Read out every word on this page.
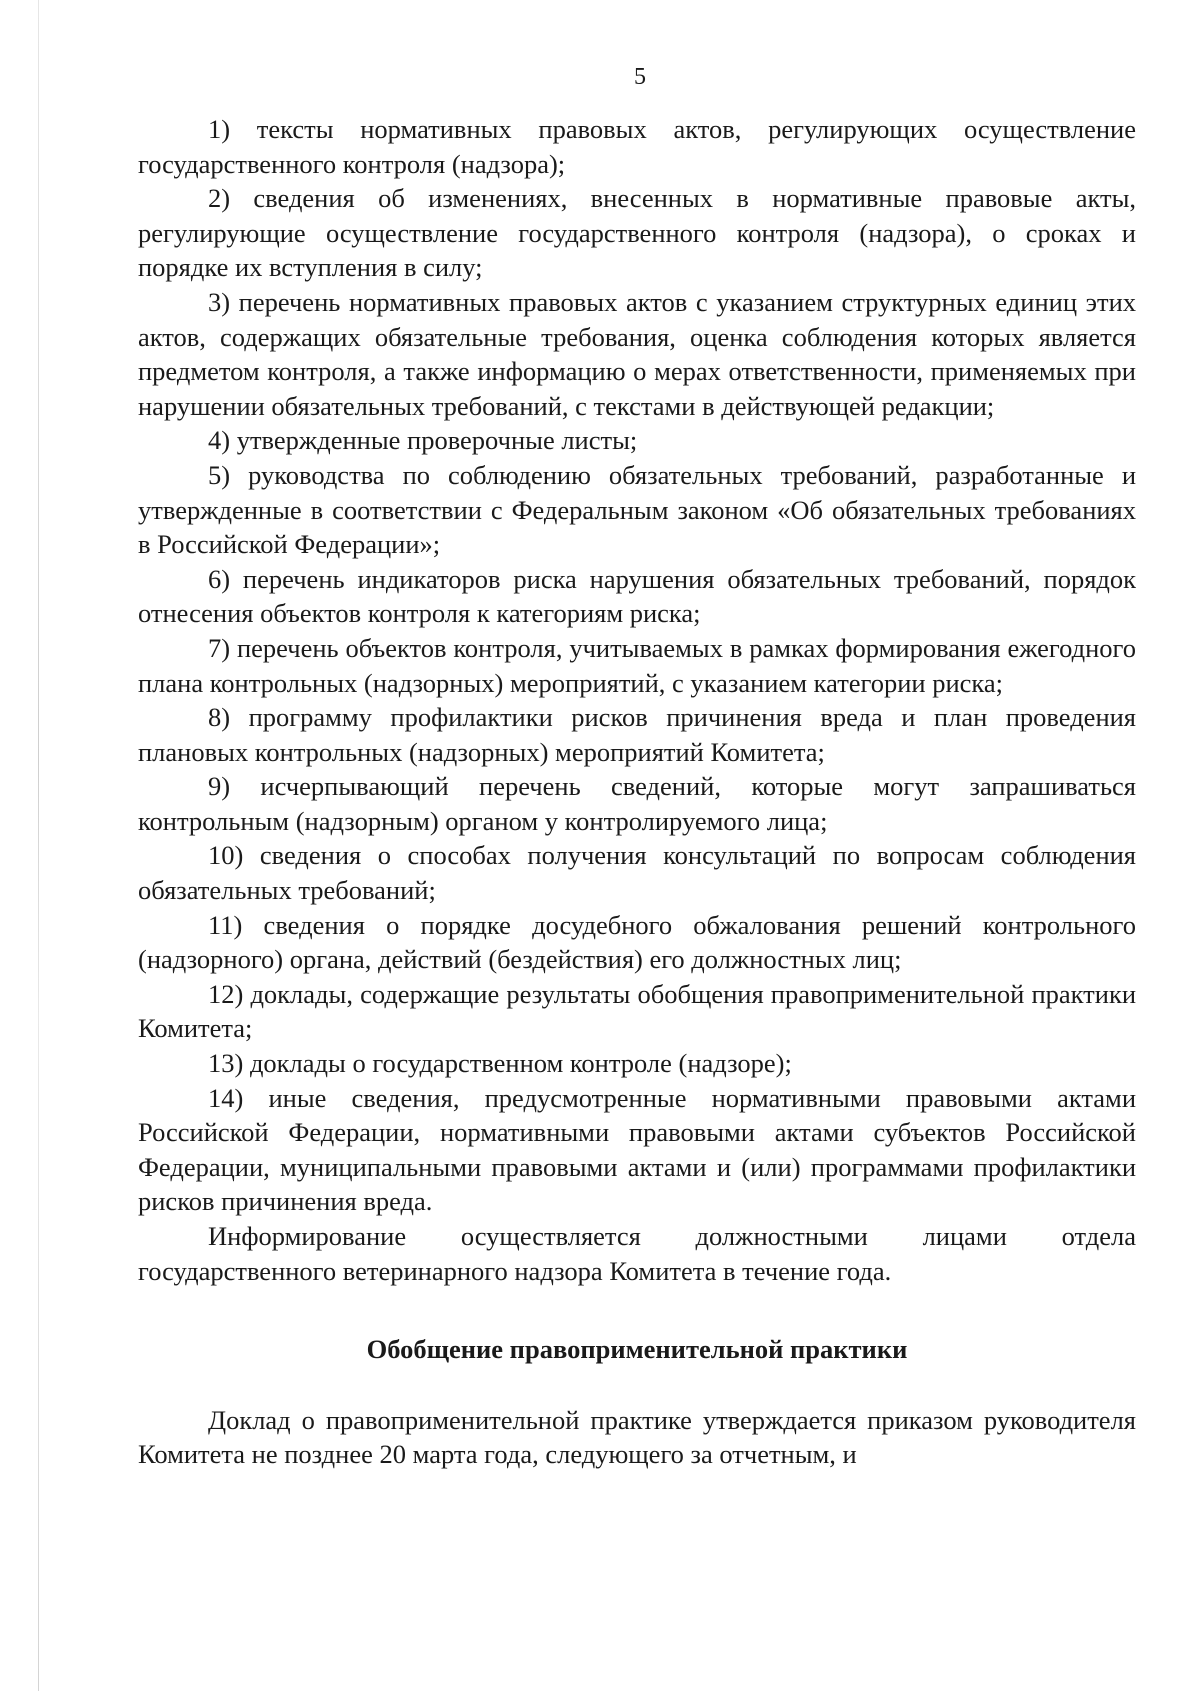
5

1) тексты нормативных правовых актов, регулирующих осуществление государственного контроля (надзора);

2) сведения об изменениях, внесенных в нормативные правовые акты, регулирующие осуществление государственного контроля (надзора), о сроках и порядке их вступления в силу;

3) перечень нормативных правовых актов с указанием структурных единиц этих актов, содержащих обязательные требования, оценка соблюдения которых является предметом контроля, а также информацию о мерах ответственности, применяемых при нарушении обязательных требований, с текстами в действующей редакции;

4) утвержденные проверочные листы;

5) руководства по соблюдению обязательных требований, разработанные и утвержденные в соответствии с Федеральным законом «Об обязательных требованиях в Российской Федерации»;

6) перечень индикаторов риска нарушения обязательных требований, порядок отнесения объектов контроля к категориям риска;

7) перечень объектов контроля, учитываемых в рамках формирования ежегодного плана контрольных (надзорных) мероприятий, с указанием категории риска;

8) программу профилактики рисков причинения вреда и план проведения плановых контрольных (надзорных) мероприятий Комитета;

9) исчерпывающий перечень сведений, которые могут запрашиваться контрольным (надзорным) органом у контролируемого лица;

10) сведения о способах получения консультаций по вопросам соблюдения обязательных требований;

11) сведения о порядке досудебного обжалования решений контрольного (надзорного) органа, действий (бездействия) его должностных лиц;

12) доклады, содержащие результаты обобщения правоприменительной практики Комитета;

13) доклады о государственном контроле (надзоре);

14) иные сведения, предусмотренные нормативными правовыми актами Российской Федерации, нормативными правовыми актами субъектов Российской Федерации, муниципальными правовыми актами и (или) программами профилактики рисков причинения вреда.

Информирование осуществляется должностными лицами отдела государственного ветеринарного надзора Комитета в течение года.

Обобщение правоприменительной практики

Доклад о правоприменительной практике утверждается приказом руководителя Комитета не позднее 20 марта года, следующего за отчетным, и
